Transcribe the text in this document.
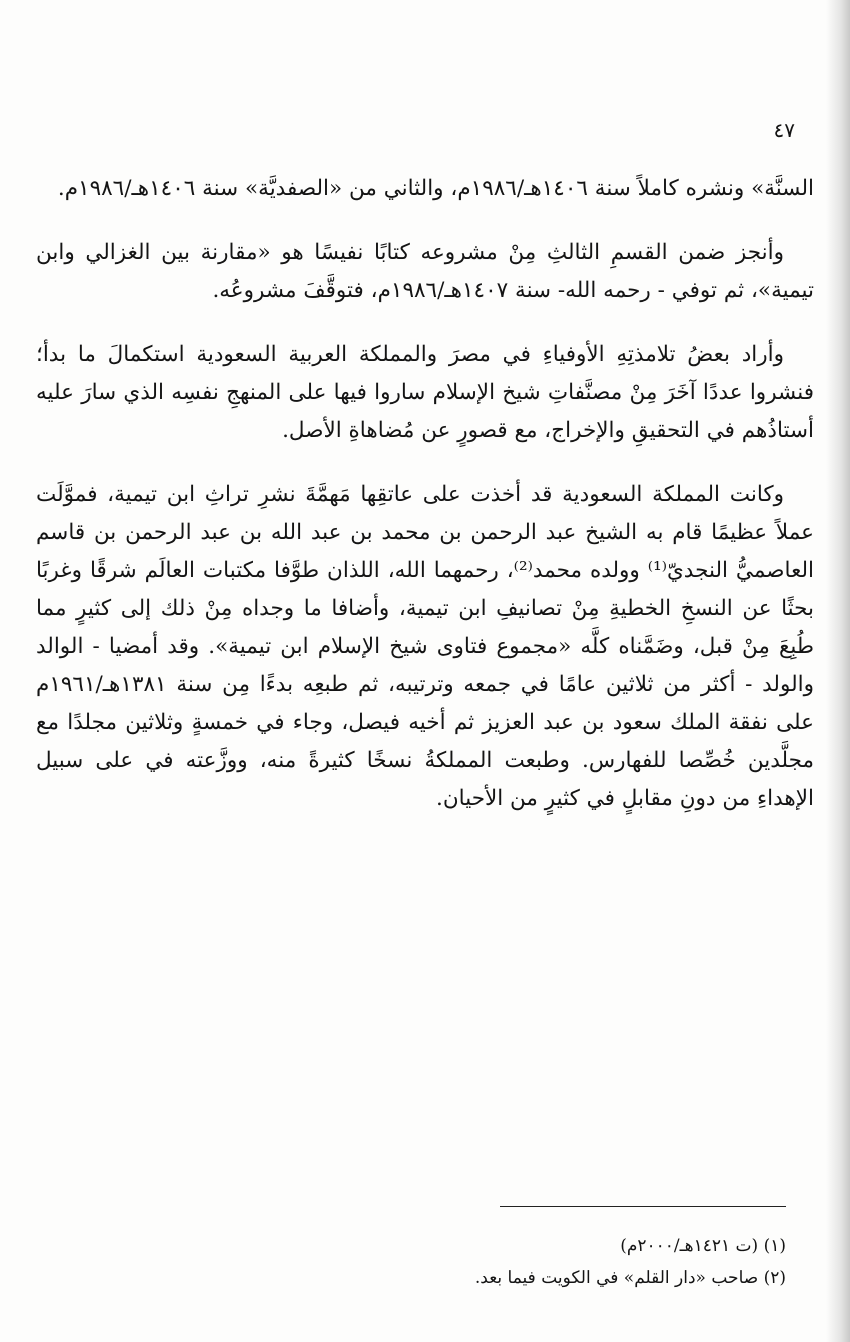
٤٧

السنَّة» ونشره كاملاً سنة ١٤٠٦هـ/١٩٨٦م، والثاني من «الصفديَّة» سنة ١٤٠٦هـ/١٩٨٦م.

وأنجز ضمن القسمِ الثالثِ مِنْ مشروعه كتابًا نفيسًا هو «مقارنة بين الغزالي وابن تيمية»، ثم توفي - رحمه الله- سنة ١٤٠٧هـ/١٩٨٦م، فتوقَّفَ مشروعُه.

وأراد بعضُ تلامذتِهِ الأوفياءِ في مصرَ والمملكة العربية السعودية استكمالَ ما بدأ؛ فنشروا عددًا آخَرَ مِنْ مصنَّفاتِ شيخ الإسلام ساروا فيها على المنهجِ نفسِه الذي سارَ عليه أستاذُهم في التحقيقِ والإخراج، مع قصورٍ عن مُضاهاةِ الأصل.

وكانت المملكة السعودية قد أخذت على عاتقِها مَهمَّةَ نشرِ تراثِ ابن تيمية، فموَّلَت عملاً عظيمًا قام به الشيخ عبد الرحمن بن محمد بن عبد الله بن عبد الرحمن بن قاسم العاصميُّ النجديّ⁽¹⁾ وولده محمد⁽²⁾، رحمهما الله، اللذان طوَّفا مكتبات العالَم شرقًا وغربًا بحثًا عن النسخِ الخطيةِ مِنْ تصانيفِ ابن تيمية، وأضافا ما وجداه مِنْ ذلك إلى كثيرٍ مما طُبِعَ مِنْ قبل، وضَمَّناه كلَّه «مجموع فتاوى شيخ الإسلام ابن تيمية». وقد أمضيا - الوالد والولد - أكثر من ثلاثين عامًا في جمعه وترتيبه، ثم طبعِه بدءًا مِن سنة ١٣٨١هـ/١٩٦١م على نفقة الملك سعود بن عبد العزيز ثم أخيه فيصل، وجاء في خمسةٍ وثلاثين مجلدًا مع مجلَّدين خُصِّصا للفهارس. وطبعت المملكةُ نسخًا كثيرةً منه، ووزَّعته في على سبيل الإهداءِ من دونِ مقابلٍ في كثيرٍ من الأحيان.

(١) (ت ١٤٢١هـ/٢٠٠٠م)

(٢) صاحب «دار القلم» في الكويت فيما بعد.
